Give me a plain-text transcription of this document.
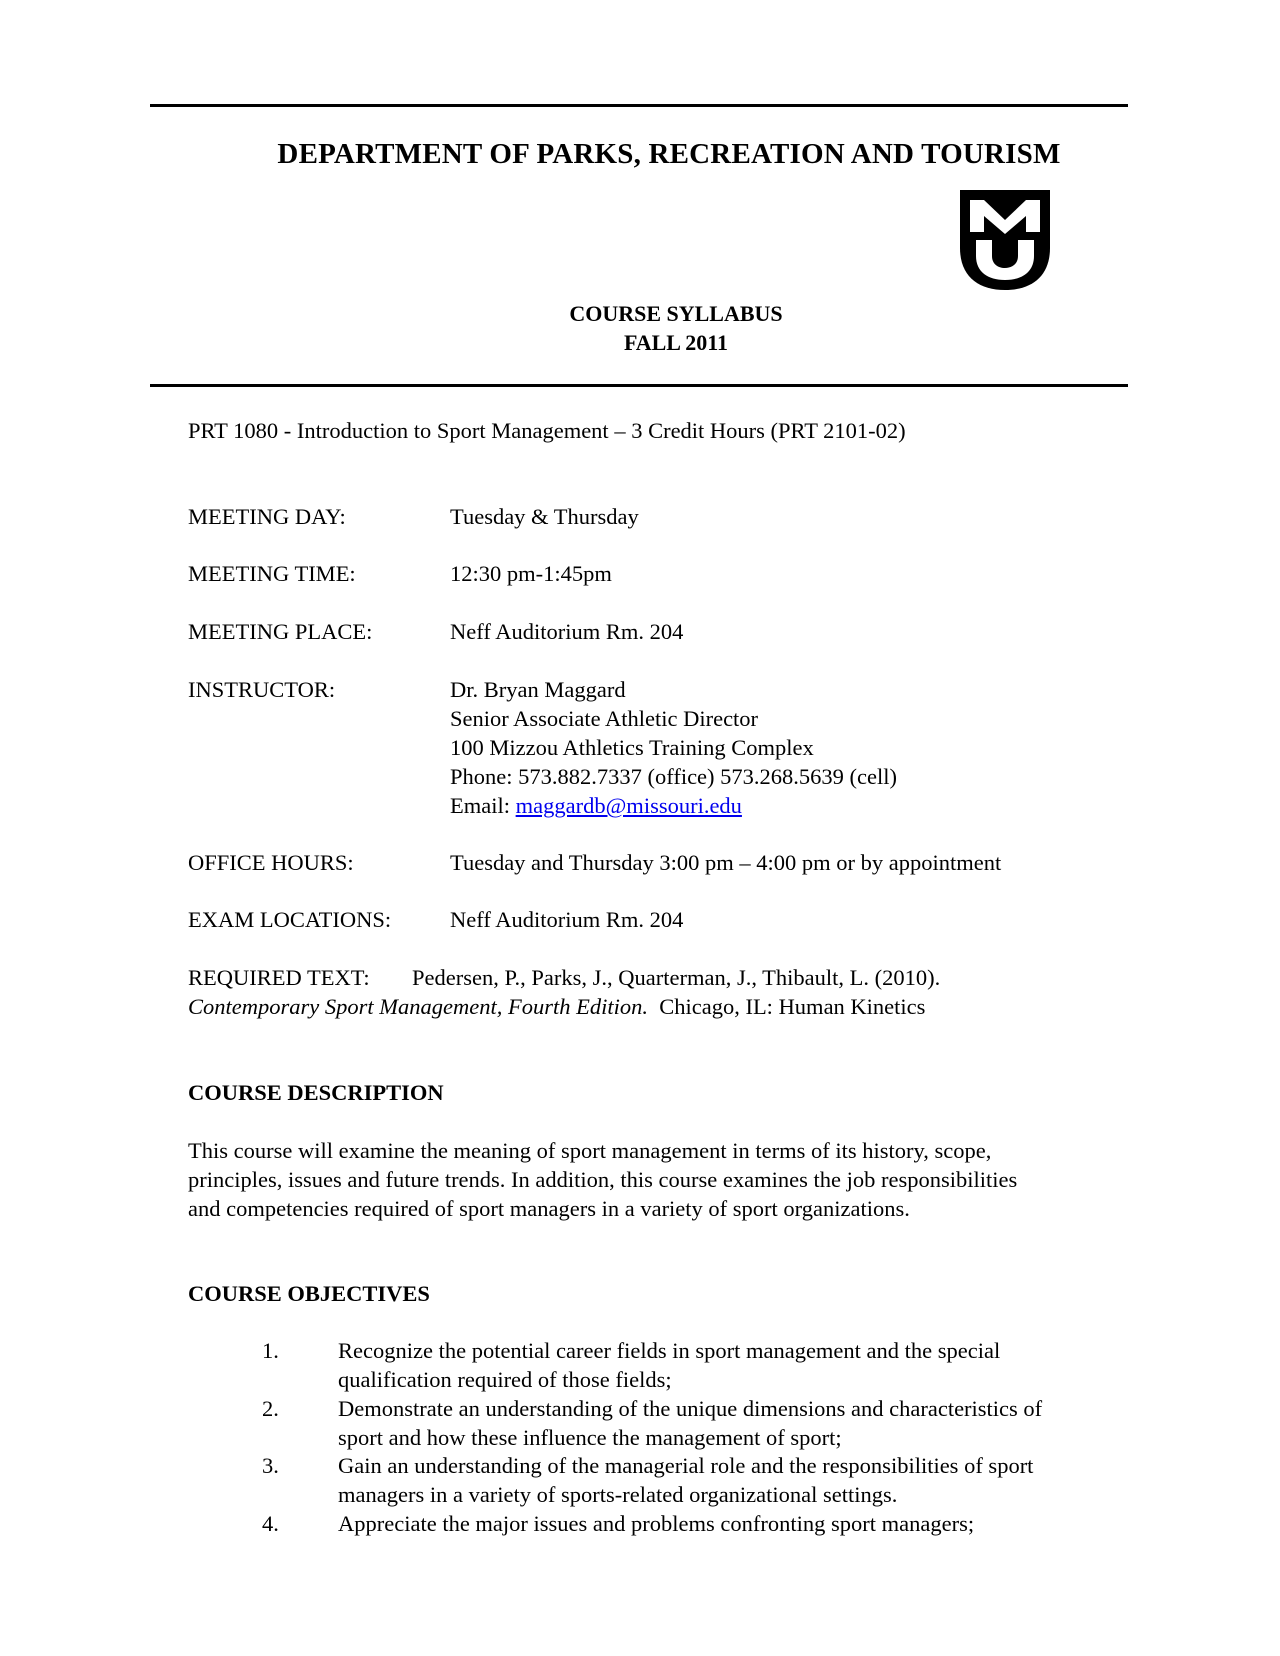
DEPARTMENT OF PARKS, RECREATION AND TOURISM
COURSE SYLLABUS
FALL 2011
PRT 1080 - Introduction to Sport Management – 3 Credit Hours (PRT 2101-02)
MEETING DAY:	Tuesday & Thursday
MEETING TIME:	12:30 pm-1:45pm
MEETING PLACE:	Neff Auditorium Rm. 204
INSTRUCTOR:	Dr. Bryan Maggard
Senior Associate Athletic Director
100 Mizzou Athletics Training Complex
Phone: 573.882.7337 (office) 573.268.5639 (cell)
Email: maggardb@missouri.edu
OFFICE HOURS:	Tuesday and Thursday 3:00 pm – 4:00 pm or by appointment
EXAM LOCATIONS:	Neff Auditorium Rm. 204
REQUIRED TEXT: Pedersen, P., Parks, J., Quarterman, J., Thibault, L. (2010).
Contemporary Sport Management, Fourth Edition. Chicago, IL: Human Kinetics
COURSE DESCRIPTION
This course will examine the meaning of sport management in terms of its history, scope,
principles, issues and future trends. In addition, this course examines the job responsibilities
and competencies required of sport managers in a variety of sport organizations.
COURSE OBJECTIVES
1.	Recognize the potential career fields in sport management and the special
qualification required of those fields;
2.	Demonstrate an understanding of the unique dimensions and characteristics of
sport and how these influence the management of sport;
3.	Gain an understanding of the managerial role and the responsibilities of sport
managers in a variety of sports-related organizational settings.
4.	Appreciate the major issues and problems confronting sport managers;
